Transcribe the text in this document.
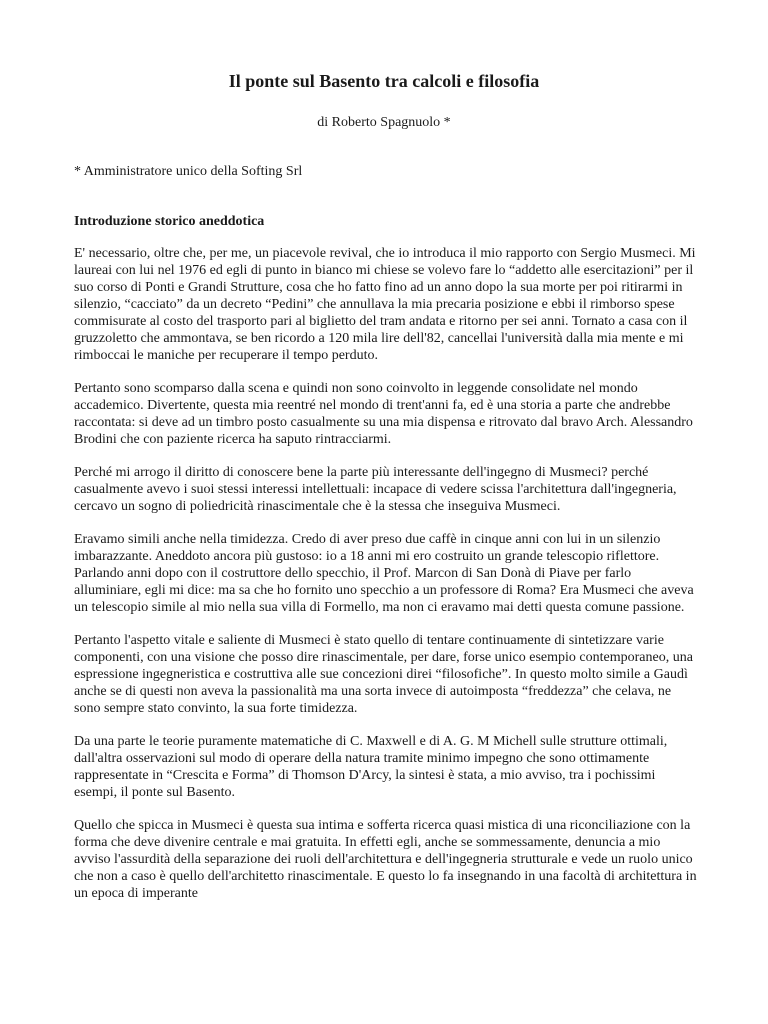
Il ponte sul Basento tra calcoli e filosofia

di Roberto Spagnuolo *

* Amministratore unico della Softing Srl

Introduzione storico aneddotica

E' necessario, oltre che, per me, un piacevole revival, che io introduca il mio rapporto con Sergio Musmeci. Mi laureai con lui nel 1976 ed egli di punto in bianco mi chiese se volevo fare lo “addetto alle esercitazioni” per il suo corso di Ponti e Grandi Strutture, cosa che ho fatto fino ad un anno dopo la sua morte per poi ritirarmi in silenzio, “cacciato” da un decreto “Pedini” che annullava la mia precaria posizione e ebbi il rimborso spese commisurate al costo del trasporto pari al biglietto del tram andata e ritorno per sei anni. Tornato a casa con il gruzzoletto che ammontava, se ben ricordo a 120 mila lire dell'82, cancellai l'università dalla mia mente e mi rimboccai le maniche per recuperare il tempo perduto.

Pertanto sono scomparso dalla scena e quindi non sono coinvolto in leggende consolidate nel mondo accademico. Divertente, questa mia reentré nel mondo di trent'anni fa, ed è una storia a parte che andrebbe raccontata: si deve ad un timbro posto casualmente su una mia dispensa e ritrovato dal bravo Arch. Alessandro Brodini che con paziente ricerca ha saputo rintracciarmi.

Perché mi arrogo il diritto di conoscere bene la parte più interessante dell'ingegno di Musmeci? perché casualmente avevo i suoi stessi interessi intellettuali: incapace di vedere scissa l'architettura dall'ingegneria, cercavo un sogno di poliedricità rinascimentale che è la stessa che inseguiva Musmeci.

Eravamo simili anche nella timidezza. Credo di aver preso due caffè in cinque anni con lui in un silenzio imbarazzante. Aneddoto ancora più gustoso: io a 18 anni mi ero costruito un grande telescopio riflettore. Parlando anni dopo con il costruttore dello specchio, il Prof. Marcon di San Donà di Piave per farlo alluminiare, egli mi dice: ma sa che ho fornito uno specchio a un professore di Roma? Era Musmeci che aveva un telescopio simile al mio nella sua villa di Formello, ma non ci eravamo mai detti questa comune passione.

Pertanto l'aspetto vitale e saliente di Musmeci è stato quello di tentare continuamente di sintetizzare varie componenti, con una visione che posso dire rinascimentale, per dare, forse unico esempio contemporaneo, una espressione ingegneristica e costruttiva alle sue concezioni direi “filosofiche”. In questo molto simile a Gaudì anche se di questi non aveva la passionalità ma una sorta invece di autoimposta “freddezza” che celava, ne sono sempre stato convinto, la sua forte timidezza.

Da una parte le teorie puramente matematiche di C. Maxwell e di A. G. M Michell sulle strutture ottimali, dall'altra osservazioni sul modo di operare della natura tramite minimo impegno che sono ottimamente rappresentate in “Crescita e Forma” di Thomson D'Arcy, la sintesi è stata, a mio avviso, tra i pochissimi esempi, il ponte sul Basento.

Quello che spicca in Musmeci è questa sua intima e sofferta ricerca quasi mistica di una riconciliazione con la forma che deve divenire centrale e mai gratuita. In effetti egli, anche se sommessamente, denuncia a mio avviso l'assurdità della separazione dei ruoli dell'architettura e dell'ingegneria strutturale e vede un ruolo unico che non a caso è quello dell'architetto rinascimentale. E questo lo fa insegnando in una facoltà di architettura in un epoca di imperante
